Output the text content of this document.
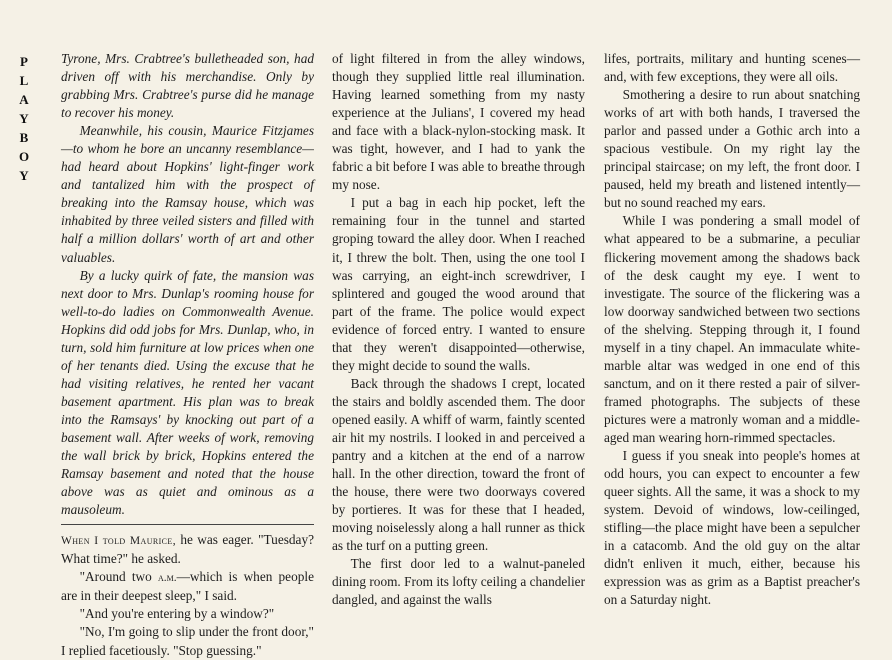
P
L
A
Y
B
O
Y

Tyrone, Mrs. Crabtree's bulletheaded son, had driven off with his merchandise. Only by grabbing Mrs. Crabtree's purse did he manage to recover his money.

Meanwhile, his cousin, Maurice Fitzjames—to whom he bore an uncanny resemblance—had heard about Hopkins' light-finger work and tantalized him with the prospect of breaking into the Ramsay house, which was inhabited by three veiled sisters and filled with half a million dollars' worth of art and other valuables.

By a lucky quirk of fate, the mansion was next door to Mrs. Dunlap's rooming house for well-to-do ladies on Commonwealth Avenue. Hopkins did odd jobs for Mrs. Dunlap, who, in turn, sold him furniture at low prices when one of her tenants died. Using the excuse that he had visiting relatives, he rented her vacant basement apartment. His plan was to break into the Ramsays' by knocking out part of a basement wall. After weeks of work, removing the wall brick by brick, Hopkins entered the Ramsay basement and noted that the house above was as quiet and ominous as a mausoleum.

When I told Maurice, he was eager. "Tuesday? What time?" he asked.

"Around two a.m.—which is when people are in their deepest sleep," I said.

"And you're entering by a window?"

"No, I'm going to slip under the front door," I replied facetiously. "Stop guessing."

of light filtered in from the alley windows, though they supplied little real illumination. Having learned something from my nasty experience at the Julians', I covered my head and face with a black-nylon-stocking mask. It was tight, however, and I had to yank the fabric a bit before I was able to breathe through my nose.

I put a bag in each hip pocket, left the remaining four in the tunnel and started groping toward the alley door. When I reached it, I threw the bolt. Then, using the one tool I was carrying, an eight-inch screwdriver, I splintered and gouged the wood around that part of the frame. The police would expect evidence of forced entry. I wanted to ensure that they weren't disappointed—otherwise, they might decide to sound the walls.

Back through the shadows I crept, located the stairs and boldly ascended them. The door opened easily. A whiff of warm, faintly scented air hit my nostrils. I looked in and perceived a pantry and a kitchen at the end of a narrow hall. In the other direction, toward the front of the house, there were two doorways covered by portieres. It was for these that I headed, moving noiselessly along a hall runner as thick as the turf on a putting green.

The first door led to a walnut-paneled dining room. From its lofty ceiling a chandelier dangled, and against the walls

lifes, portraits, military and hunting scenes—and, with few exceptions, they were all oils.

Smothering a desire to run about snatching works of art with both hands, I traversed the parlor and passed under a Gothic arch into a spacious vestibule. On my right lay the principal staircase; on my left, the front door. I paused, held my breath and listened intently—but no sound reached my ears.

While I was pondering a small model of what appeared to be a submarine, a peculiar flickering movement among the shadows back of the desk caught my eye. I went to investigate. The source of the flickering was a low doorway sandwiched between two sections of the shelving. Stepping through it, I found myself in a tiny chapel. An immaculate white-marble altar was wedged in one end of this sanctum, and on it there rested a pair of silver-framed photographs. The subjects of these pictures were a matronly woman and a middle-aged man wearing horn-rimmed spectacles.

I guess if you sneak into people's homes at odd hours, you can expect to encounter a few queer sights. All the same, it was a shock to my system. Devoid of windows, low-ceilinged, stifling—the place might have been a sepulcher in a catacomb. And the old guy on the altar didn't enliven it much, either, because his expression was as grim as a Baptist preacher's on a Saturday night.
